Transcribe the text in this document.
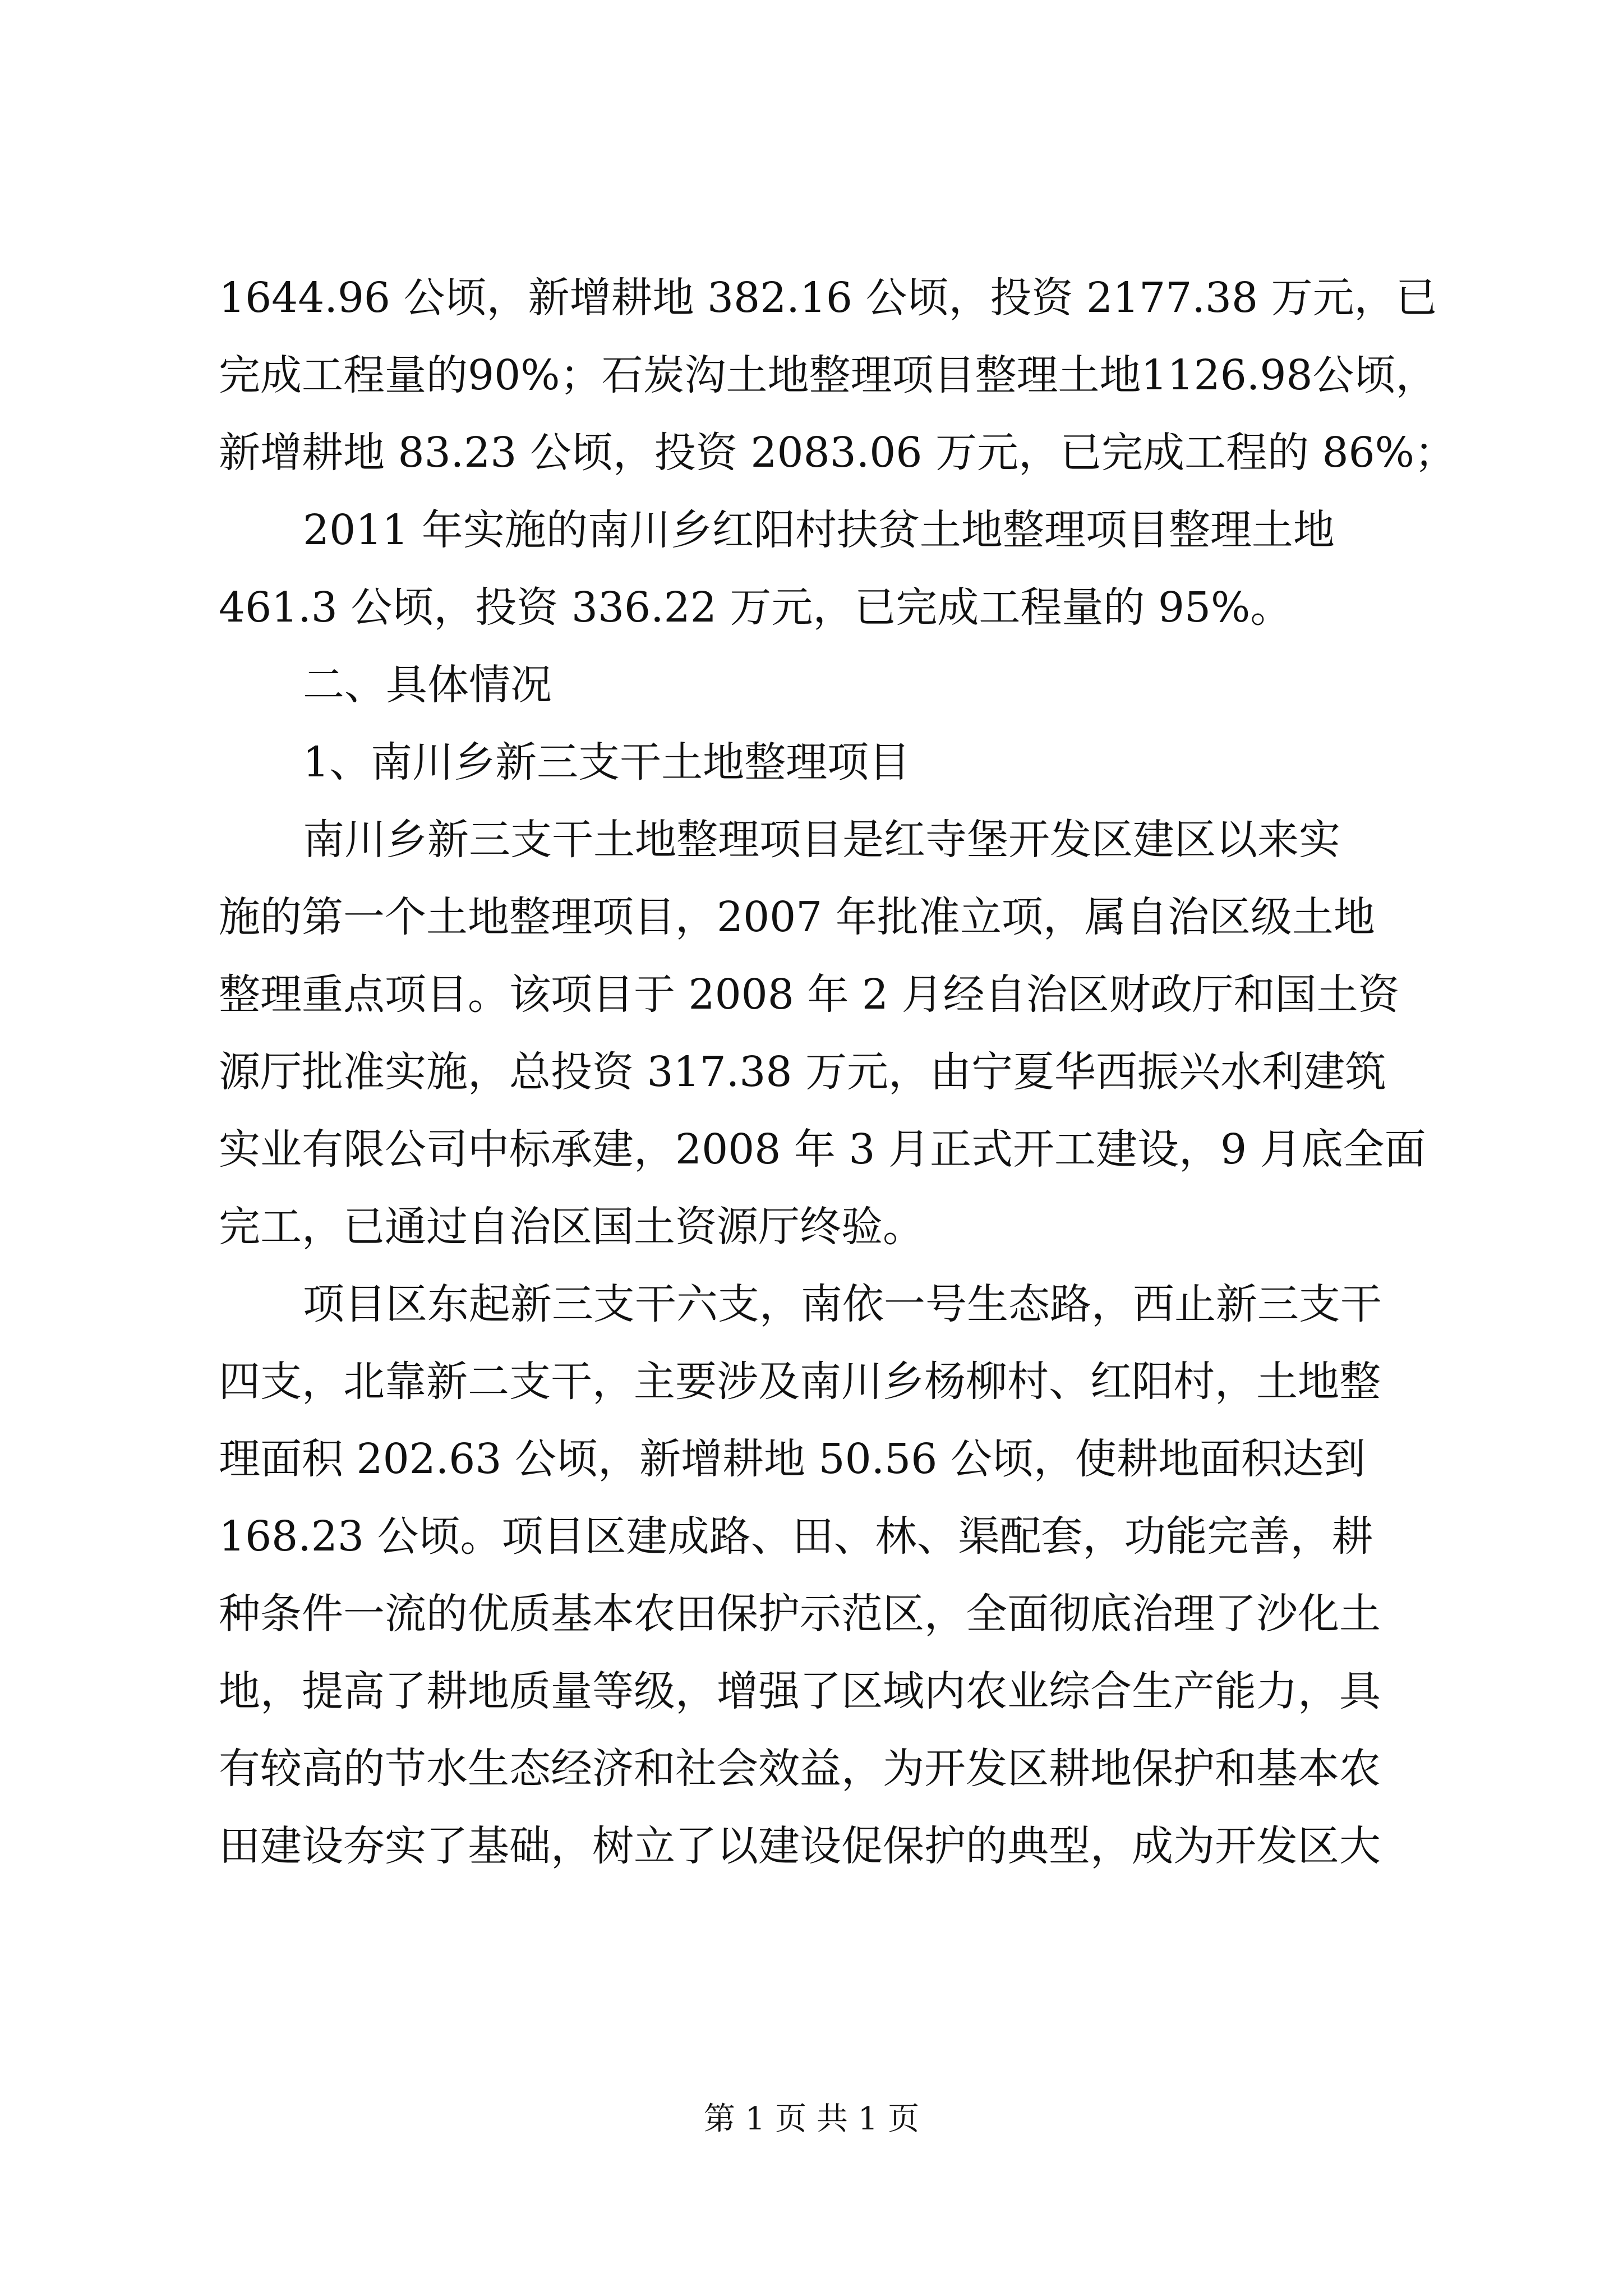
1644.96 公顷，新增耕地 382.16 公顷，投资 2177.38 万元，已
完成工程量的90%；石炭沟土地整理项目整理土地1126.98公顷，
新增耕地 83.23 公顷，投资 2083.06 万元，已完成工程的 86%；
2011 年实施的南川乡红阳村扶贫土地整理项目整理土地
461.3 公顷，投资 336.22 万元，已完成工程量的 95%。
二、具体情况
1、南川乡新三支干土地整理项目
南川乡新三支干土地整理项目是红寺堡开发区建区以来实
施的第一个土地整理项目，2007 年批准立项，属自治区级土地
整理重点项目。该项目于 2008 年 2 月经自治区财政厅和国土资
源厅批准实施，总投资 317.38 万元，由宁夏华西振兴水利建筑
实业有限公司中标承建，2008 年 3 月正式开工建设，9 月底全面
完工，已通过自治区国土资源厅终验。
项目区东起新三支干六支，南依一号生态路，西止新三支干
四支，北靠新二支干，主要涉及南川乡杨柳村、红阳村，土地整
理面积 202.63 公顷，新增耕地 50.56 公顷，使耕地面积达到
168.23 公顷。项目区建成路、田、林、渠配套，功能完善，耕
种条件一流的优质基本农田保护示范区，全面彻底治理了沙化土
地，提高了耕地质量等级，增强了区域内农业综合生产能力，具
有较高的节水生态经济和社会效益，为开发区耕地保护和基本农
田建设夯实了基础，树立了以建设促保护的典型，成为开发区大
第 1 页 共 1 页
